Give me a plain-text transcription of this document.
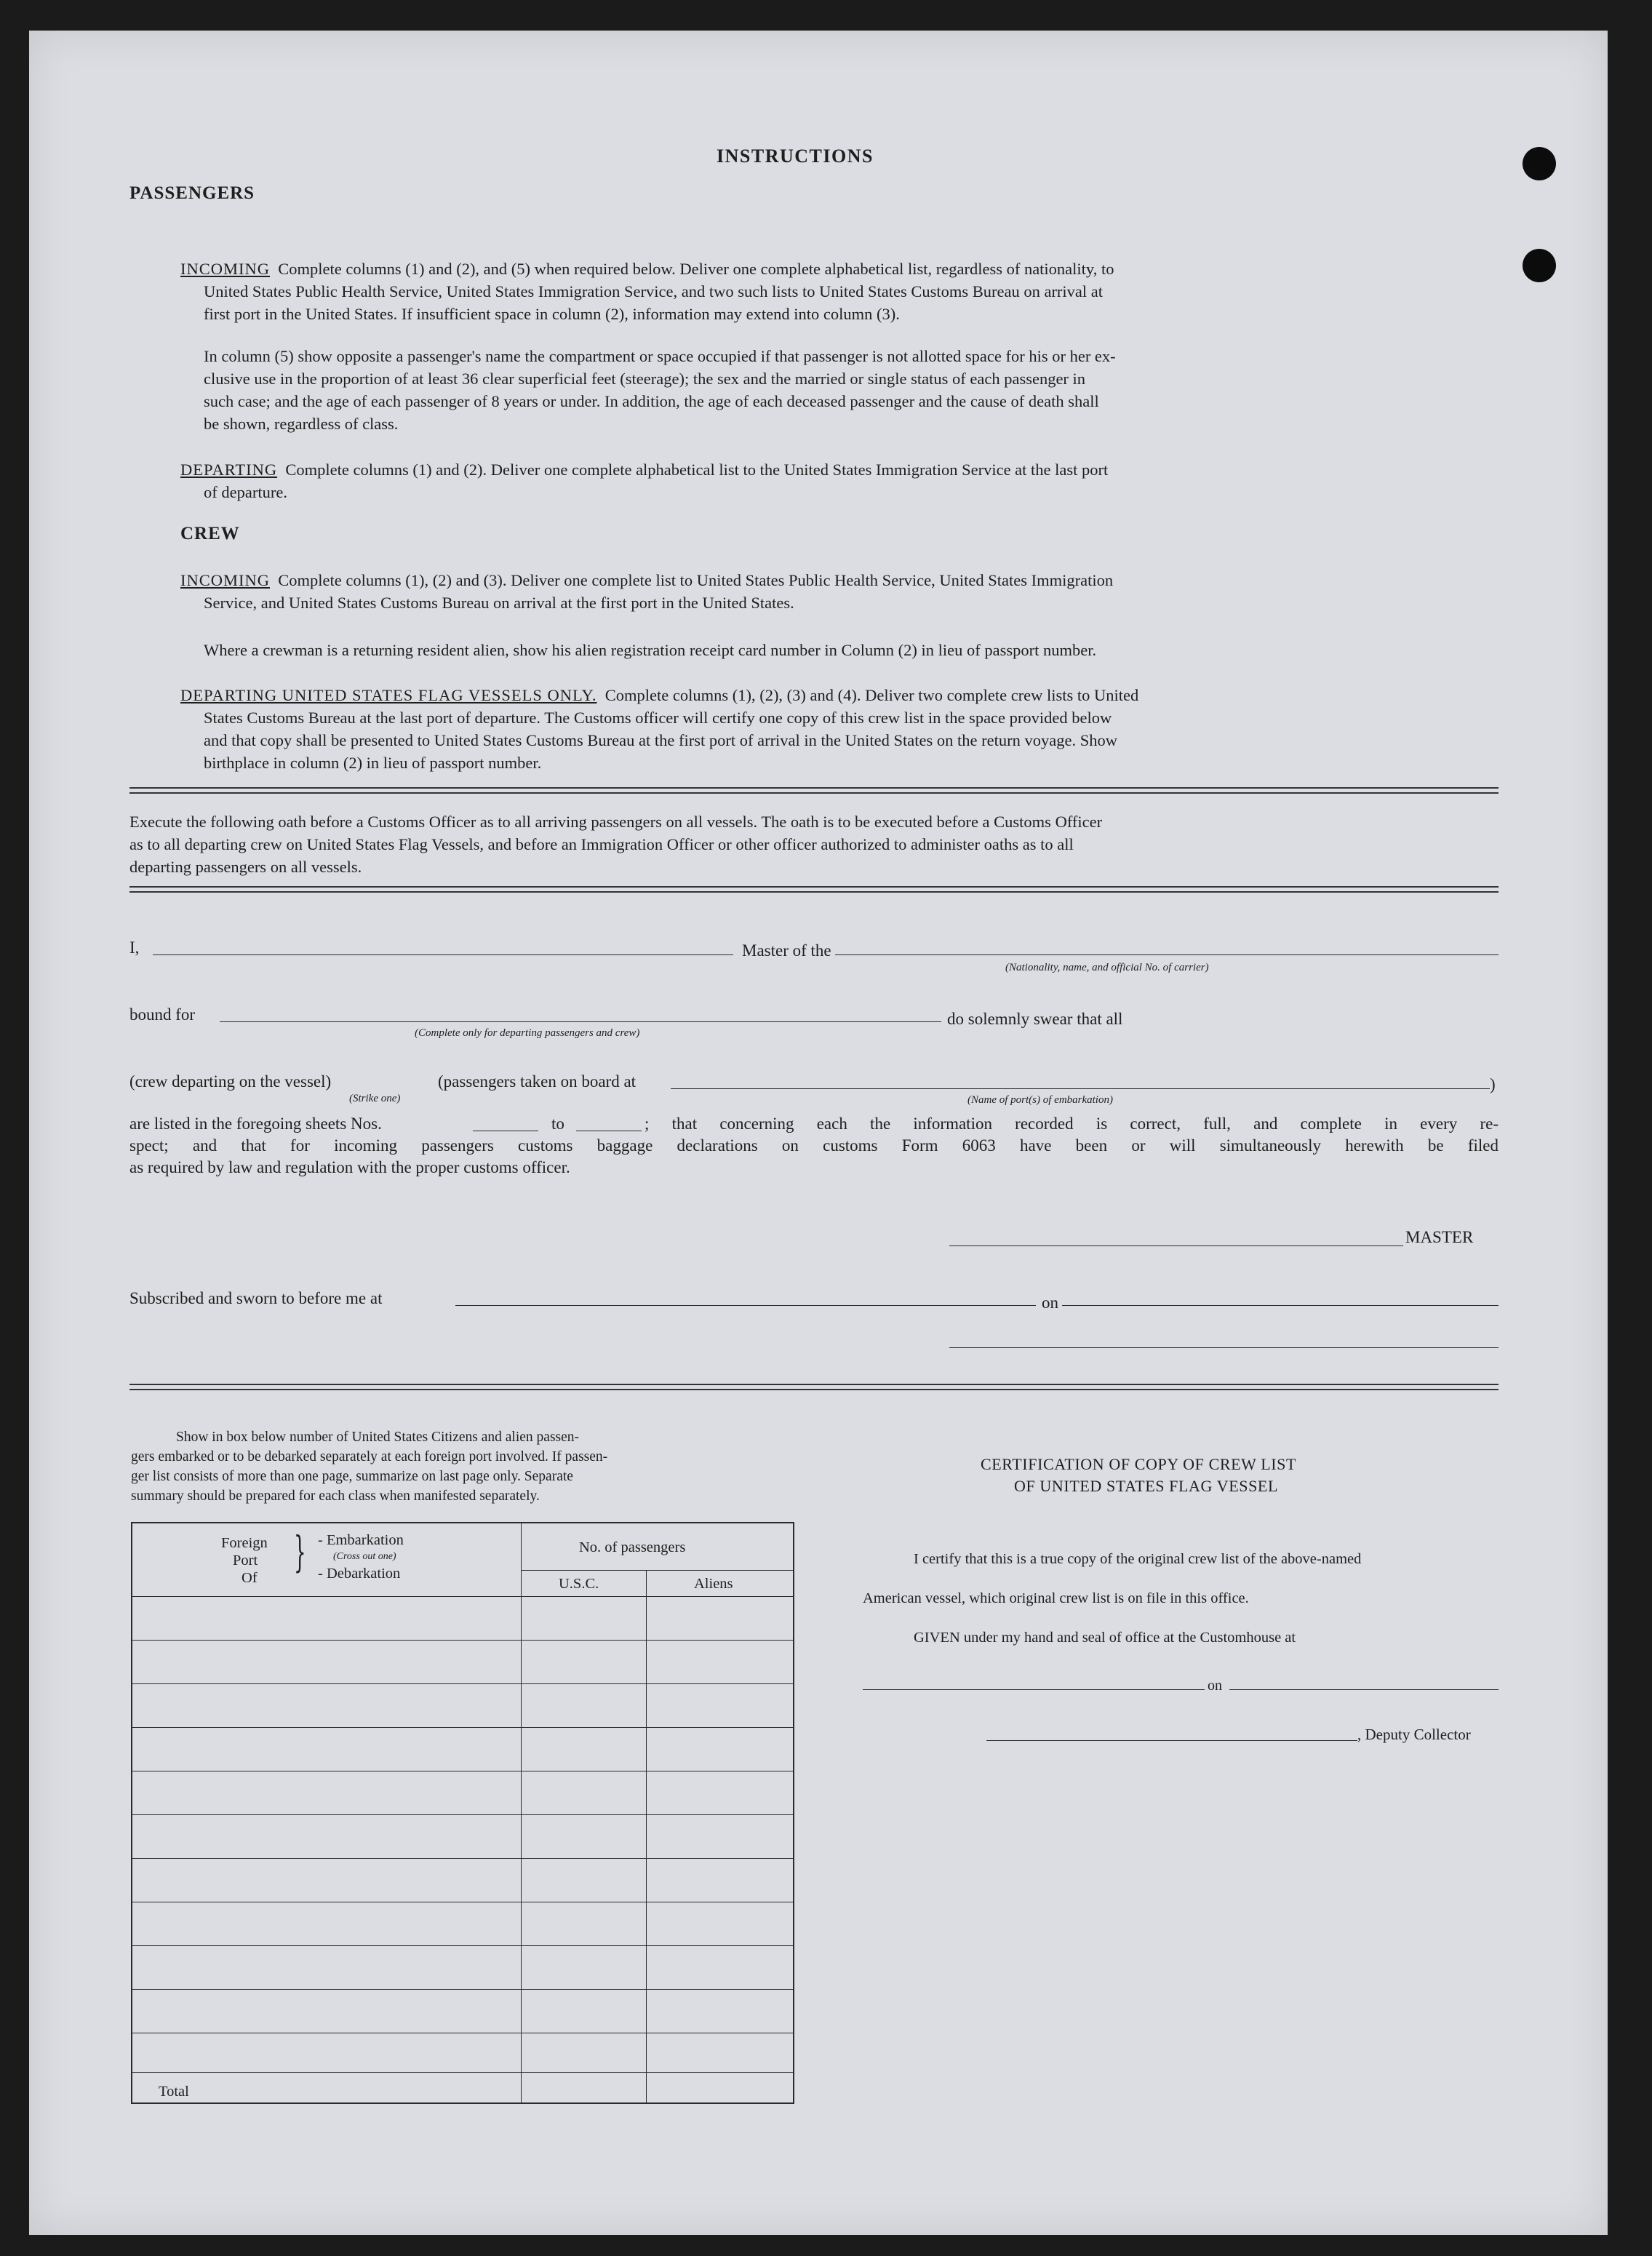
INSTRUCTIONS
PASSENGERS
INCOMING Complete columns (1) and (2), and (5) when required below. Deliver one complete alphabetical list, regardless of nationality, to
United States Public Health Service, United States Immigration Service, and two such lists to United States Customs Bureau on arrival at
first port in the United States. If insufficient space in column (2), information may extend into column (3).
In column (5) show opposite a passenger's name the compartment or space occupied if that passenger is not allotted space for his or her ex-
clusive use in the proportion of at least 36 clear superficial feet (steerage); the sex and the married or single status of each passenger in
such case; and the age of each passenger of 8 years or under. In addition, the age of each deceased passenger and the cause of death shall
be shown, regardless of class.
DEPARTING Complete columns (1) and (2). Deliver one complete alphabetical list to the United States Immigration Service at the last port
of departure.
CREW
INCOMING Complete columns (1), (2) and (3). Deliver one complete list to United States Public Health Service, United States Immigration
Service, and United States Customs Bureau on arrival at the first port in the United States.
Where a crewman is a returning resident alien, show his alien registration receipt card number in Column (2) in lieu of passport number.
DEPARTING UNITED STATES FLAG VESSELS ONLY. Complete columns (1), (2), (3) and (4). Deliver two complete crew lists to United
States Customs Bureau at the last port of departure. The Customs officer will certify one copy of this crew list in the space provided below
and that copy shall be presented to United States Customs Bureau at the first port of arrival in the United States on the return voyage. Show
birthplace in column (2) in lieu of passport number.
Execute the following oath before a Customs Officer as to all arriving passengers on all vessels. The oath is to be executed before a Customs Officer
as to all departing crew on United States Flag Vessels, and before an Immigration Officer or other officer authorized to administer oaths as to all
departing passengers on all vessels.
I,	Master of the
(Nationality, name, and official No. of carrier)
bound for
(Complete only for departing passengers and crew)
do solemnly swear that all
(crew departing on the vessel)
(Strike one)
(passengers taken on board at	)
(Name of port(s) of embarkation)
are listed in the foregoing sheets Nos.	to	; that concerning each the information recorded is correct, full, and complete in every re-
spect; and that for incoming passengers customs baggage declarations on customs Form 6063 have been or will simultaneously herewith be filed
as required by law and regulation with the proper customs officer.
MASTER
Subscribed and sworn to before me at	on
Show in box below number of United States Citizens and alien passen-
gers embarked or to be debarked separately at each foreign port involved. If passen-
ger list consists of more than one page, summarize on last page only. Separate
summary should be prepared for each class when manifested separately.
Foreign
Port
Of
} - Embarkation
(Cross out one)
- Debarkation
No. of passengers
U.S.C.	Aliens
Total
CERTIFICATION OF COPY OF CREW LIST
OF UNITED STATES FLAG VESSEL
I certify that this is a true copy of the original crew list of the above-named
American vessel, which original crew list is on file in this office.
GIVEN under my hand and seal of office at the Customhouse at
on
, Deputy Collector
